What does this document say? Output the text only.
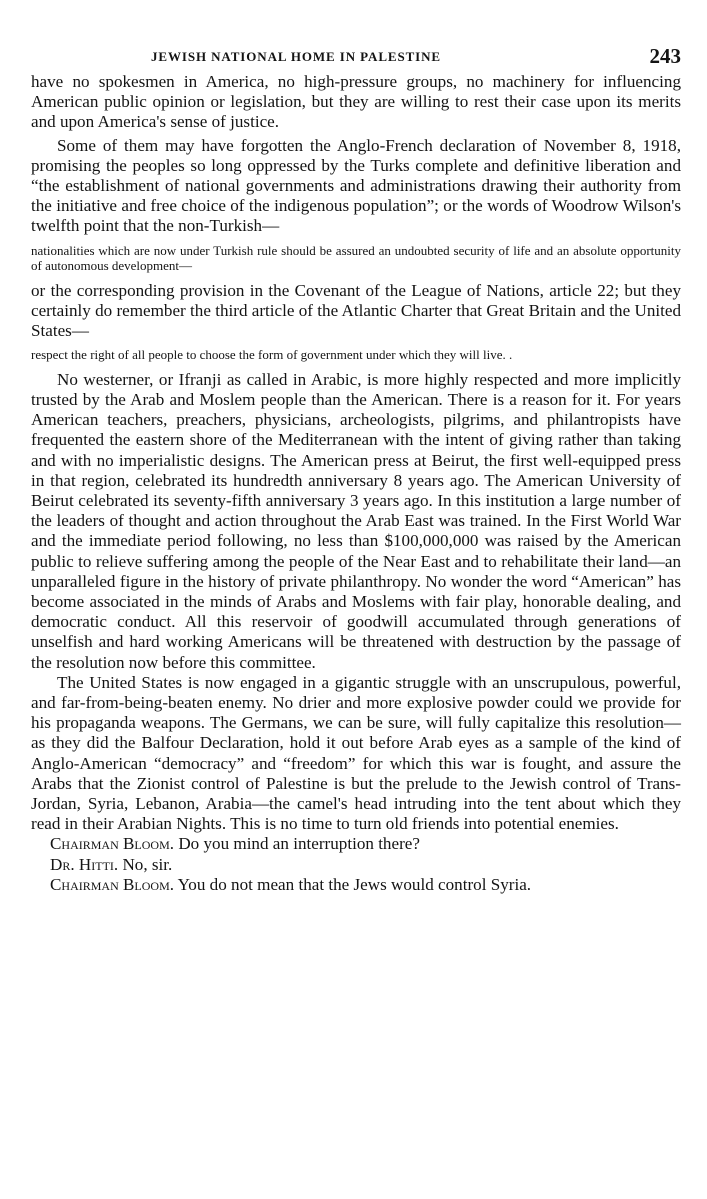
JEWISH NATIONAL HOME IN PALESTINE	243

have no spokesmen in America, no high-pressure groups, no machinery for influencing American public opinion or legislation, but they are willing to rest their case upon its merits and upon America's sense of justice.

Some of them may have forgotten the Anglo-French declaration of November 8, 1918, promising the peoples so long oppressed by the Turks complete and definitive liberation and “the establishment of national governments and administrations drawing their authority from the initiative and free choice of the indigenous population”; or the words of Woodrow Wilson's twelfth point that the non-Turkish—

nationalities which are now under Turkish rule should be assured an undoubted security of life and an absolute opportunity of autonomous development—

or the corresponding provision in the Covenant of the League of Nations, article 22; but they certainly do remember the third article of the Atlantic Charter that Great Britain and the United States—

respect the right of all people to choose the form of government under which they will live. .

No westerner, or Ifranji as called in Arabic, is more highly respected and more implicitly trusted by the Arab and Moslem people than the American. There is a reason for it. For years American teachers, preachers, physicians, archeologists, pilgrims, and philantropists have frequented the eastern shore of the Mediterranean with the intent of giving rather than taking and with no imperialistic designs. The American press at Beirut, the first well-equipped press in that region, celebrated its hundredth anniversary 8 years ago. The American University of Beirut celebrated its seventy-fifth anniversary 3 years ago. In this institution a large number of the leaders of thought and action throughout the Arab East was trained. In the First World War and the immediate period following, no less than $100,000,000 was raised by the American public to relieve suffering among the people of the Near East and to rehabilitate their land—an unparalleled figure in the history of private philanthropy. No wonder the word “American” has become associated in the minds of Arabs and Moslems with fair play, honorable dealing, and democratic conduct. All this reservoir of goodwill accumulated through generations of unselfish and hard working Americans will be threatened with destruction by the passage of the resolution now before this committee.

The United States is now engaged in a gigantic struggle with an unscrupulous, powerful, and far-from-being-beaten enemy. No drier and more explosive powder could we provide for his propaganda weapons. The Germans, we can be sure, will fully capitalize this resolution—as they did the Balfour Declaration, hold it out before Arab eyes as a sample of the kind of Anglo-American “democracy” and “freedom” for which this war is fought, and assure the Arabs that the Zionist control of Palestine is but the prelude to the Jewish control of Trans-Jordan, Syria, Lebanon, Arabia—the camel's head intruding into the tent about which they read in their Arabian Nights. This is no time to turn old friends into potential enemies.

Chairman Bloom. Do you mind an interruption there?

Dr. Hitti. No, sir.

Chairman Bloom. You do not mean that the Jews would control Syria.
